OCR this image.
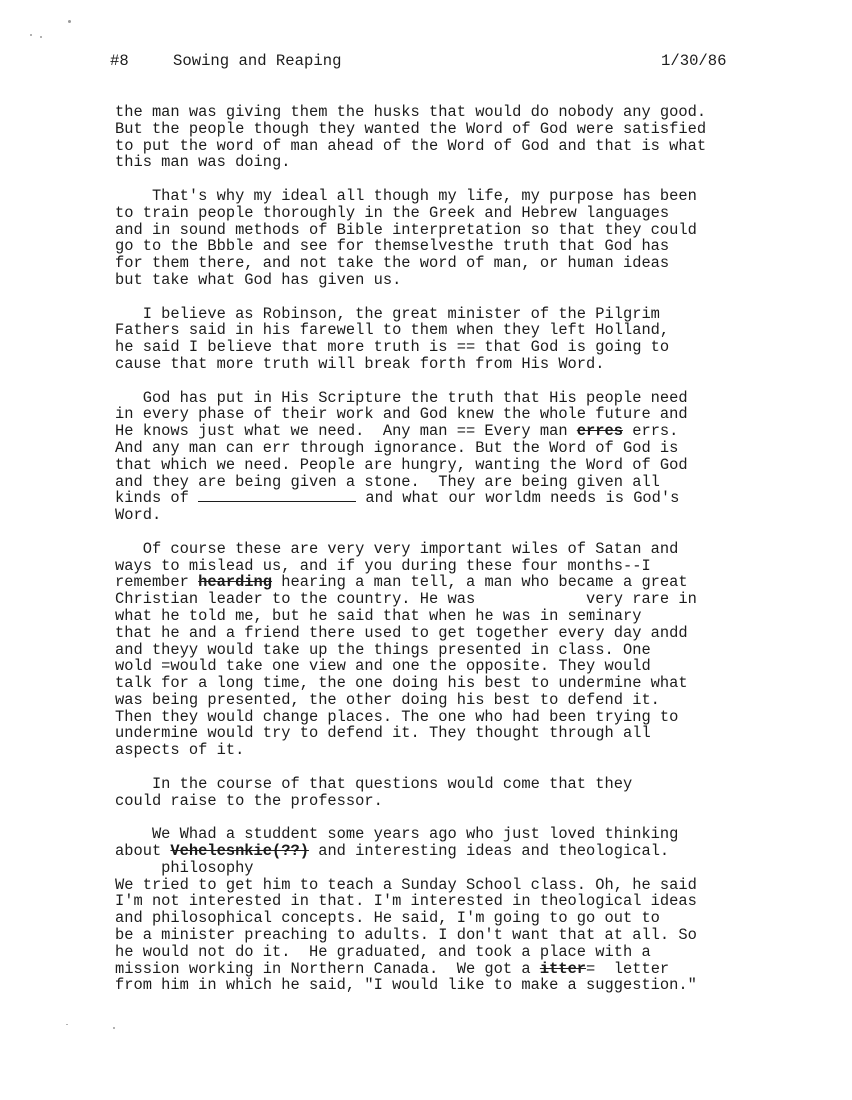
#8	Sowing and Reaping	1/30/86
the man was giving them the husks that would do nobody any good.
But the people though they wanted the Word of God were satisfied
to put the word of man ahead of the Word of God and that is what
this man was doing.
That's why my ideal all though my life, my purpose has been
to train people thoroughly in the Greek and Hebrew languages
and in sound methods of Bible interpretation so that they could
go to the Bbble and see for themselvesthe truth that God has
for them there, and not take the word of man, or human ideas
but take what God has given us.
I believe as Robinson, the great minister of the Pilgrim
Fathers said in his farewell to them when they left Holland,
he said I believe that more truth is == that God is going to
cause that more truth will break forth from His Word.
God has put in His Scripture the truth that His people need
in every phase of their work and God knew the whole future and
He knows just what we need.  Any man == Every man erres errs.
And any man can err through ignorance. But the Word of God is
that which we need. People are hungry, wanting the Word of God
and they are being given a stone.  They are being given all
kinds of	and what our worldm needs is God's
Word.
Of course these are very very important wiles of Satan and
ways to mislead us, and if you during these four months--I
remember hearding hearing a man tell, a man who became a great
Christian leader to the country. He was            very rare in
what he told me, but he said that when he was in seminary
that he and a friend there used to get together every day andd
and theyy would take up the things presented in class. One
wold =would take one view and one the opposite. They would
talk for a long time, the one doing his best to undermine what
was being presented, the other doing his best to defend it.
Then they would change places. The one who had been trying to
undermine would try to defend it. They thought through all
aspects of it.
In the course of that questions would come that they
could raise to the professor.
We Whad a studdent some years ago who just loved thinking
about Vehelesnkie(??) and interesting ideas and theological.
philosophy
We tried to get him to teach a Sunday School class. Oh, he said
I'm not interested in that. I'm interested in theological ideas
and philosophical concepts. He said, I'm going to go out to
be a minister preaching to adults. I don't want that at all. So
he would not do it.  He graduated, and took a place with a
mission working in Northern Canada.  We got a itter=  letter
from him in which he said, "I would like to make a suggestion."
